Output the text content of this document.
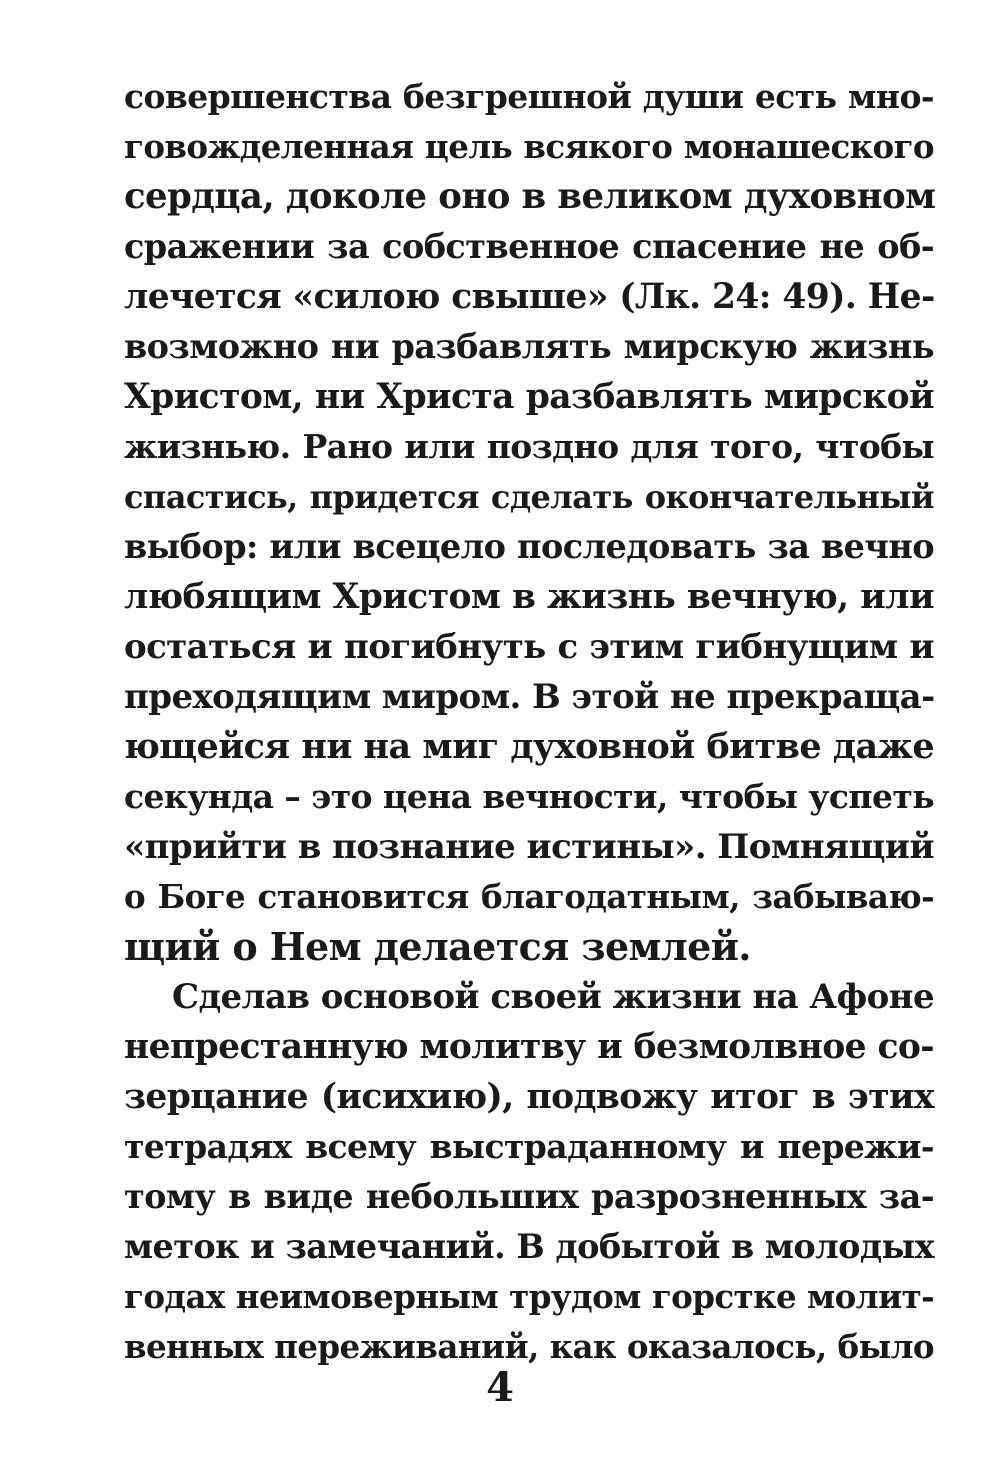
совершенства безгрешной души есть мно-
говожделенная цель всякого монашеского
сердца, доколе оно в великом духовном
сражении за собственное спасение не об-
лечется «силою свыше» (Лк. 24: 49). Не-
возможно ни разбавлять мирскую жизнь
Христом, ни Христа разбавлять мирской
жизнью. Рано или поздно для того, чтобы
спастись, придется сделать окончательный
выбор: или всецело последовать за вечно
любящим Христом в жизнь вечную, или
остаться и погибнуть с этим гибнущим и
преходящим миром. В этой не прекраща-
ющейся ни на миг духовной битве даже
секунда – это цена вечности, чтобы успеть
«прийти в познание истины». Помнящий
о Боге становится благодатным, забываю-
щий о Нем делается землей.
Сделав основой своей жизни на Афоне
непрестанную молитву и безмолвное со-
зерцание (исихию), подвожу итог в этих
тетрадях всему выстраданному и пережи-
тому в виде небольших разрозненных за-
меток и замечаний. В добытой в молодых
годах неимоверным трудом горстке молит-
венных переживаний, как оказалось, было
4
